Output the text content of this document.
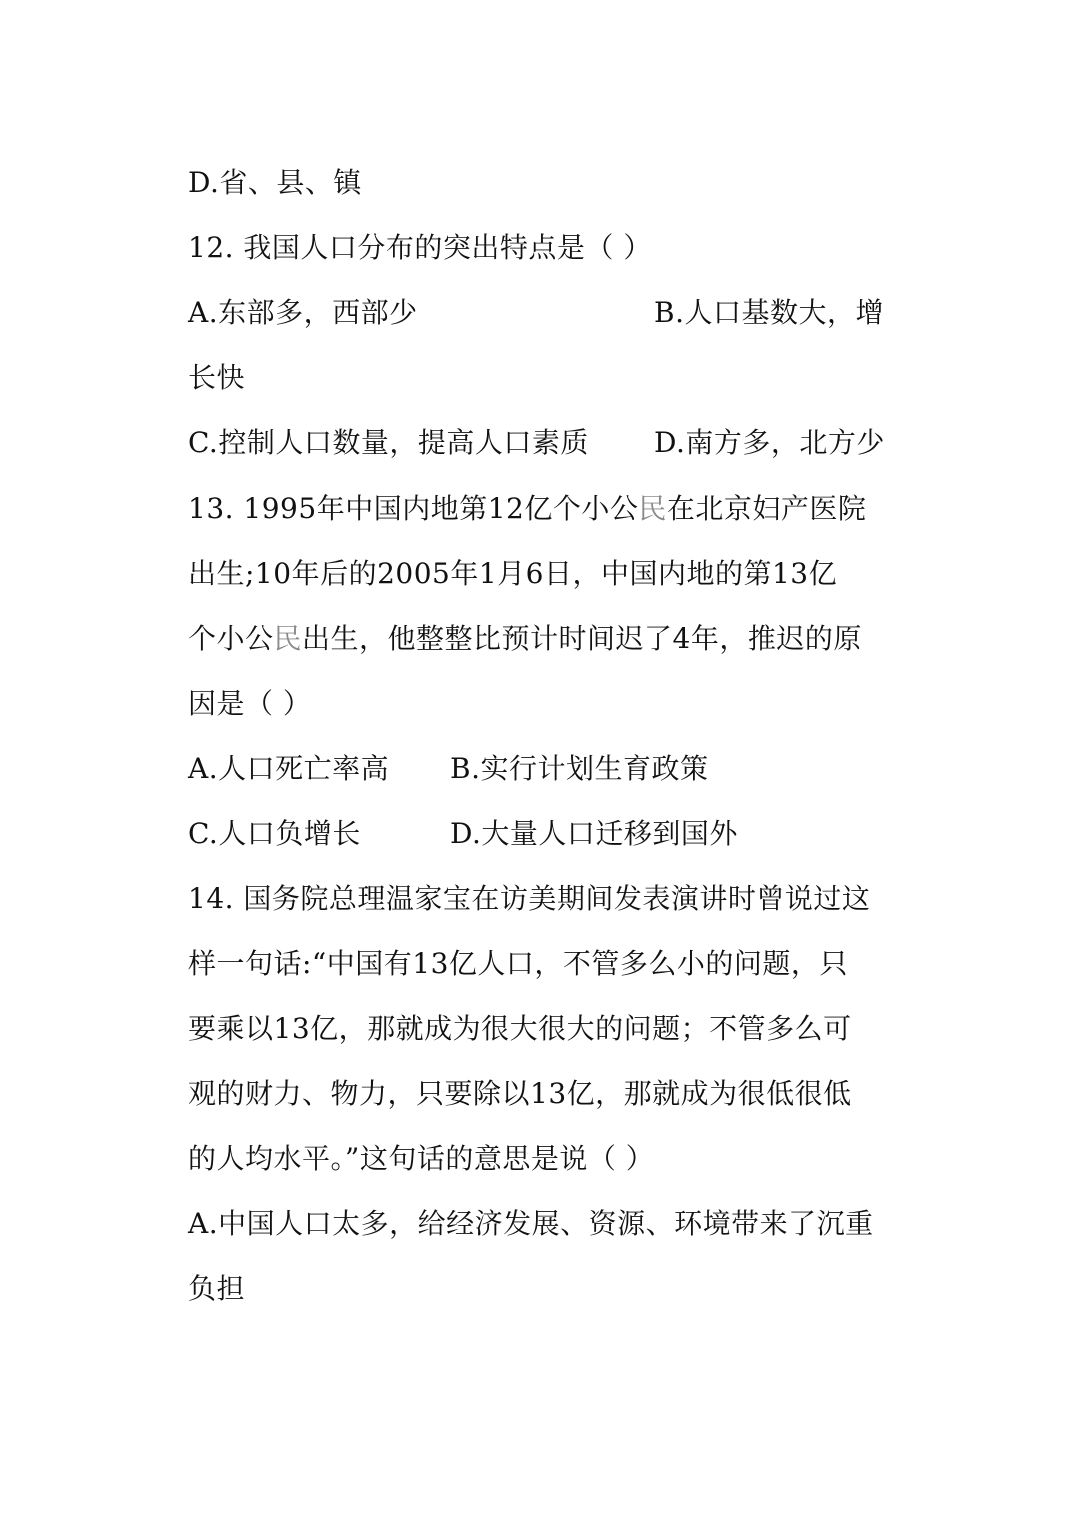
D.省、县、镇
12. 我国人口分布的突出特点是（ ）
A.东部多，西部少	B.人口基数大，增
长快
C.控制人口数量，提高人口素质 D.南方多，北方少
13. 1995年中国内地第12亿个小公民在北京妇产医院
出生;10年后的2005年1月6日，中国内地的第13亿
个小公民出生，他整整比预计时间迟了4年，推迟的原
因是（ ）
A.人口死亡率高 B.实行计划生育政策
C.人口负增长	D.大量人口迁移到国外
14. 国务院总理温家宝在访美期间发表演讲时曾说过这
样一句话:“中国有13亿人口，不管多么小的问题，只
要乘以13亿，那就成为很大很大的问题；不管多么可
观的财力、物力，只要除以13亿，那就成为很低很低
的人均水平。”这句话的意思是说（ ）
A.中国人口太多，给经济发展、资源、环境带来了沉重
负担
